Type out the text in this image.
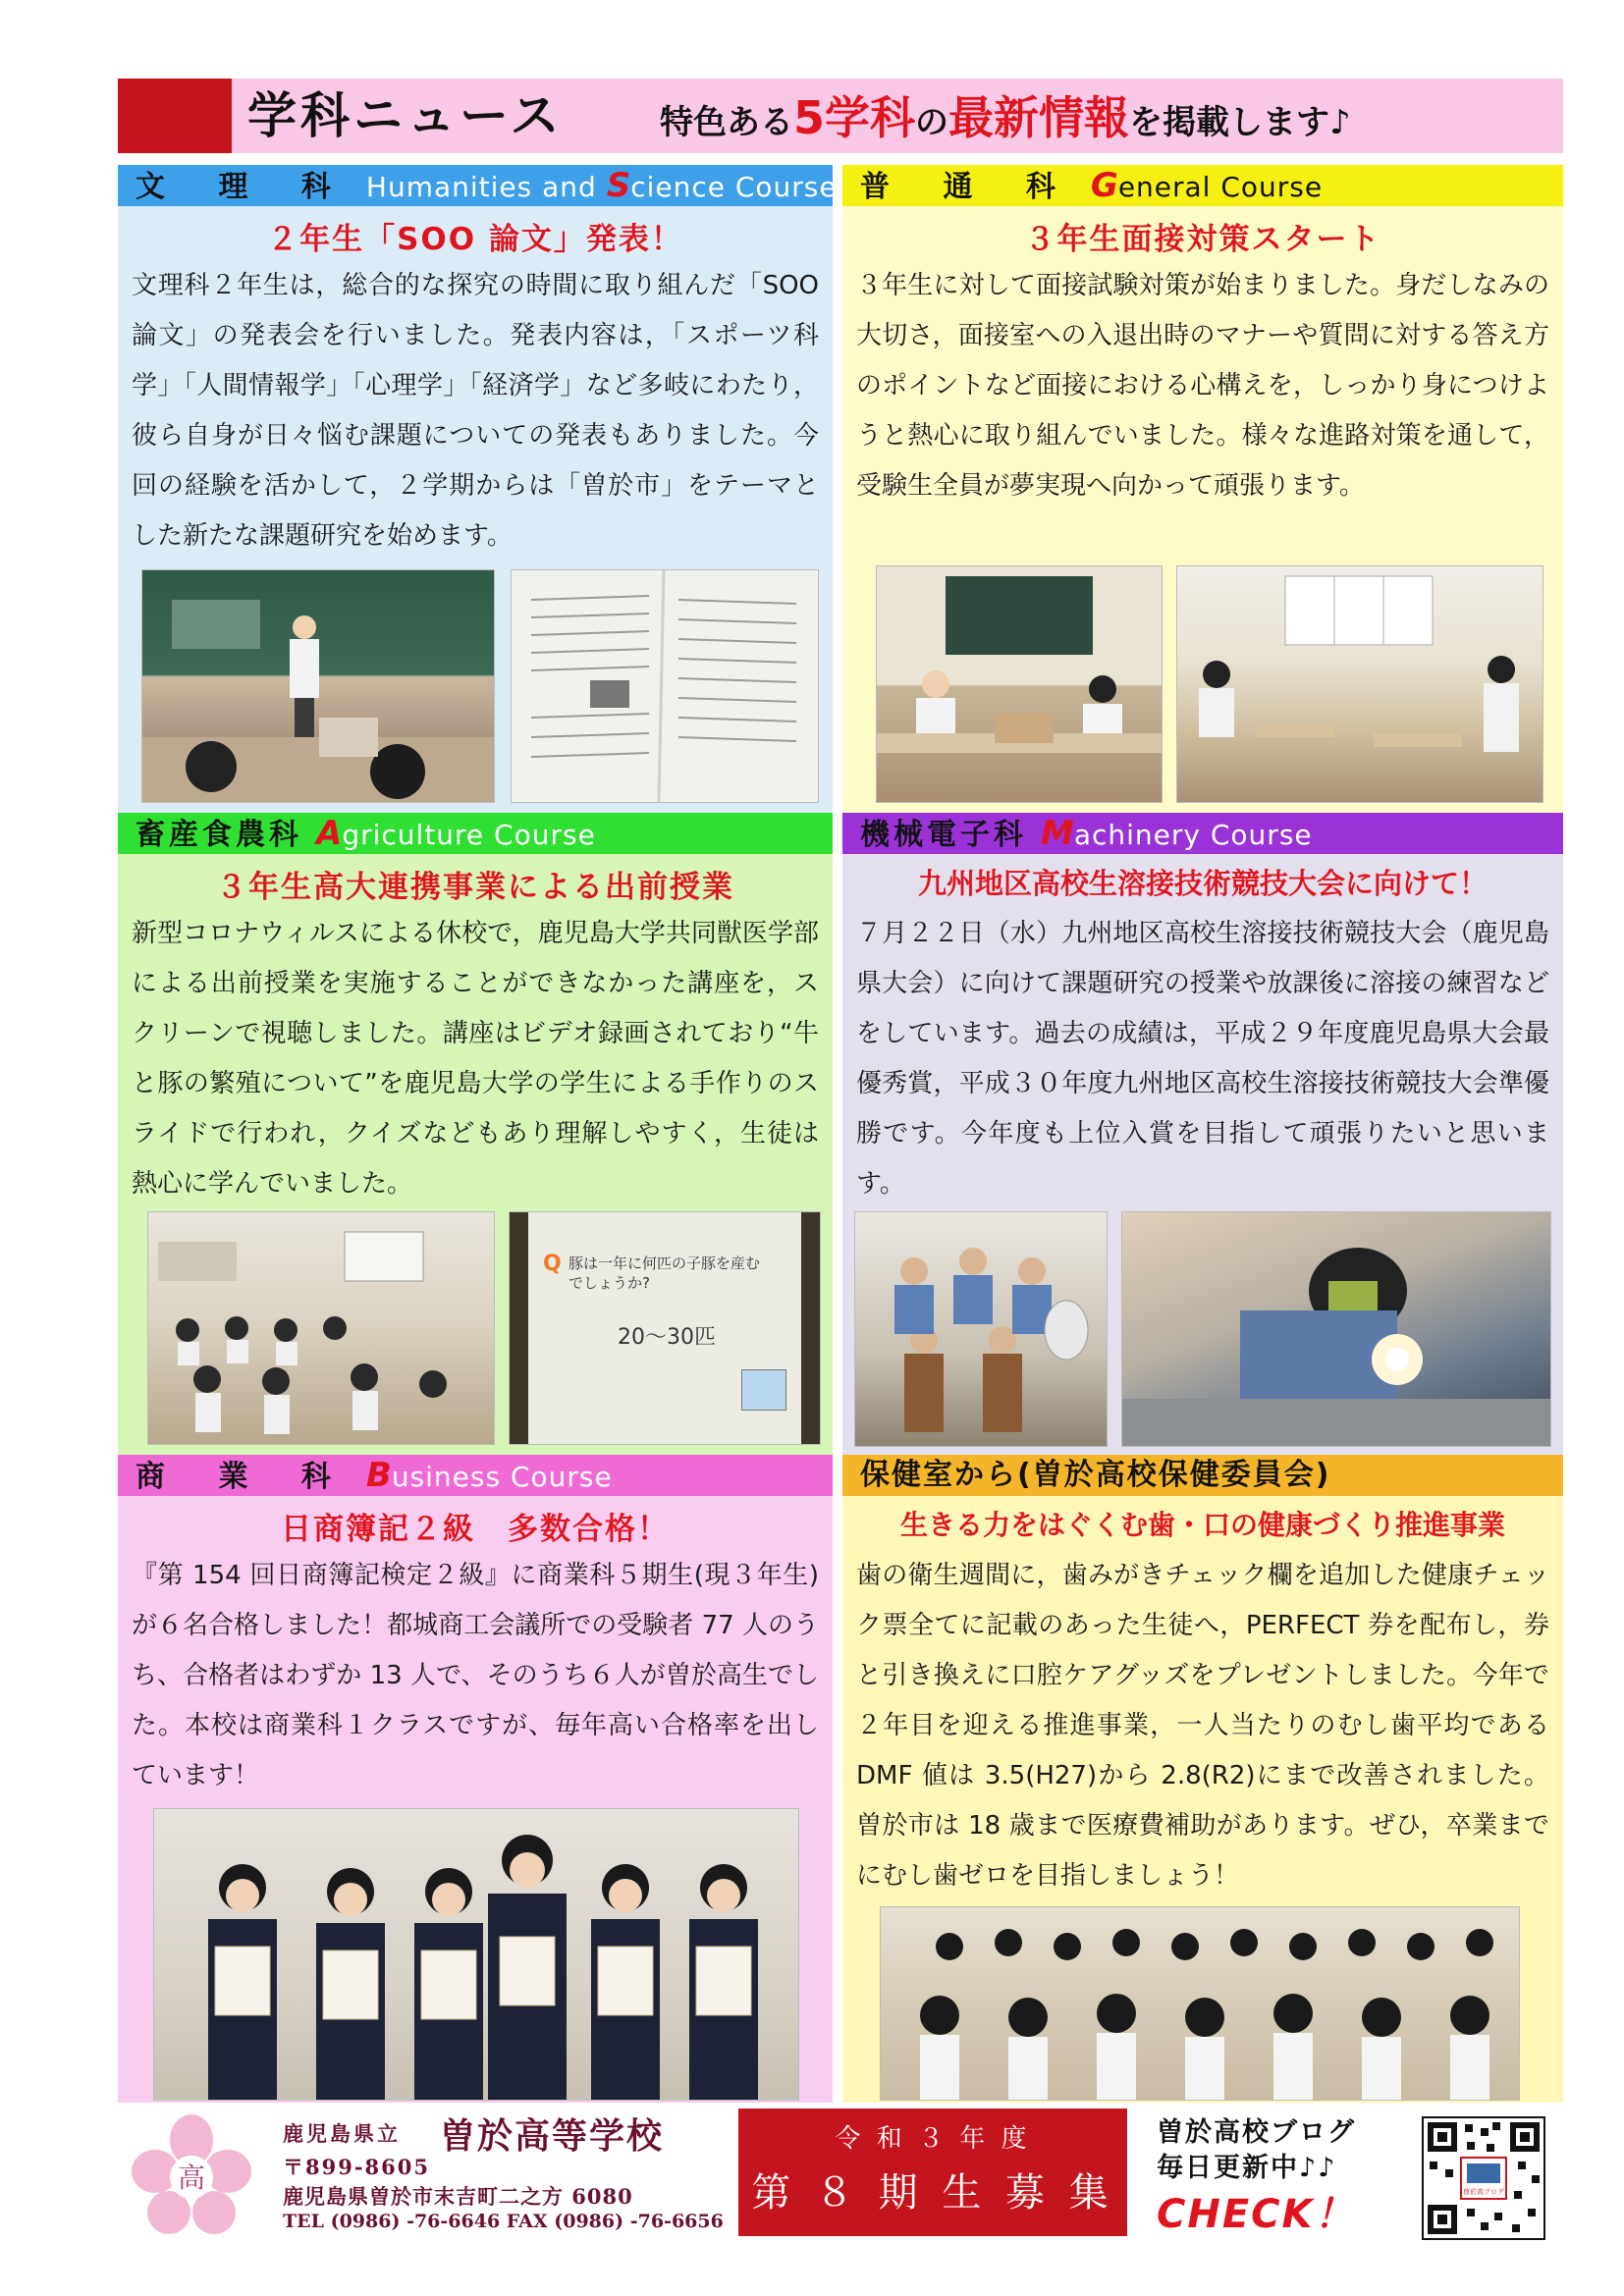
学科ニュース	特色ある5学科の最新情報を掲載します♪
文 理 科 Humanities and Science Course
２年生「SOO 論文」発表！
文理科２年生は，総合的な探究の時間に取り組んだ「SOO 論文」の発表会を行いました。発表内容は，「スポーツ科学」「人間情報学」「心理学」「経済学」など多岐にわたり，彼ら自身が日々悩む課題についての発表もありました。今回の経験を活かして，２学期からは「曽於市」をテーマとした新たな課題研究を始めます。
普 通 科 General Course
３年生面接対策スタート
３年生に対して面接試験対策が始まりました。身だしなみの大切さ，面接室への入退出時のマナーや質問に対する答え方のポイントなど面接における心構えを，しっかり身につけようと熱心に取り組んでいました。様々な進路対策を通して，受験生全員が夢実現へ向かって頑張ります。
畜産食農科 Agriculture Course
３年生高大連携事業による出前授業
新型コロナウィルスによる休校で，鹿児島大学共同獣医学部による出前授業を実施することができなかった講座を，スクリーンで視聴しました。講座はビデオ録画されており“牛と豚の繁殖について”を鹿児島大学の学生による手作りのスライドで行われ，クイズなどもあり理解しやすく，生徒は熱心に学んでいました。
Q 豚は一年に何匹の子豚を産むでしょうか?
20～30匹
機械電子科 Machinery Course
九州地区高校生溶接技術競技大会に向けて！
７月２２日（水）九州地区高校生溶接技術競技大会（鹿児島県大会）に向けて課題研究の授業や放課後に溶接の練習などをしています。過去の成績は，平成２９年度鹿児島県大会最優秀賞，平成３０年度九州地区高校生溶接技術競技大会準優勝です。今年度も上位入賞を目指して頑張りたいと思います。
商 業 科 Business Course
日商簿記２級　多数合格！
『第 154 回日商簿記検定２級』に商業科５期生(現３年生)が６名合格しました！都城商工会議所での受験者 77 人のうち、合格者はわずか 13 人で、そのうち６人が曽於高生でした。本校は商業科１クラスですが、毎年高い合格率を出しています！
保健室から(曽於高校保健委員会)
生きる力をはぐくむ歯・口の健康づくり推進事業
歯の衛生週間に，歯みがきチェック欄を追加した健康チェック票全てに記載のあった生徒へ，PERFECT 券を配布し，券と引き換えに口腔ケアグッズをプレゼントしました。今年で２年目を迎える推進事業，一人当たりのむし歯平均であるDMF 値は 3.5(H27)から 2.8(R2)にまで改善されました。曽於市は 18 歳まで医療費補助があります。ぜひ，卒業までにむし歯ゼロを目指しましょう！
高
鹿児島県立 曽於高等学校
〒899-8605
鹿児島県曽於市末吉町二之方 6080
TEL (0986) -76-6646 FAX (0986) -76-6656
令 和 ３ 年 度
第 ８ 期 生 募 集
曽於高校ブログ
毎日更新中♪♪
CHECK！	曽於高ブログ
